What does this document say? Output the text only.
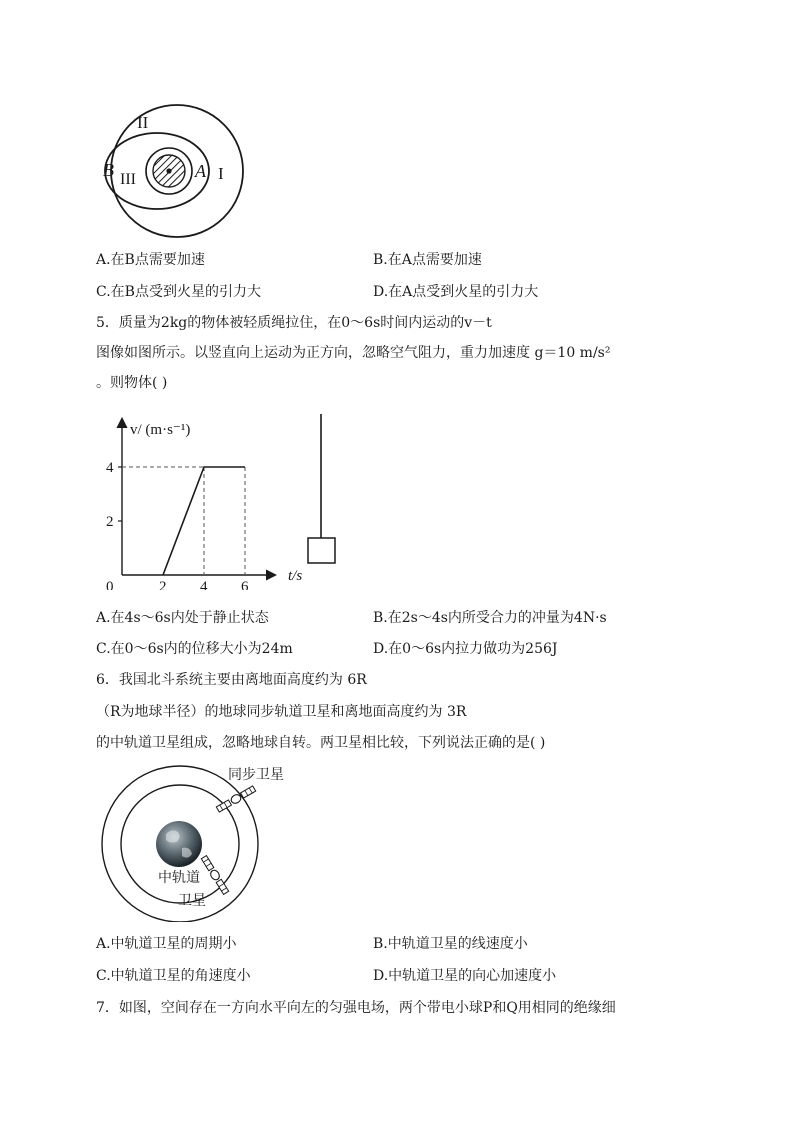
II
III	I
B	A
A.在B点需要加速	B.在A点需要加速
C.在B点受到火星的引力大	D.在A点受到火星的引力大
5．质量为2kg的物体被轻质绳拉住，在0～6s时间内运动的v－t
图像如图所示。以竖直向上运动为正方向，忽略空气阻力，重力加速度 g＝10 m/s²
。则物体( )
0	2 4 6
2
4
v/ (m·s⁻¹)
t/s
A.在4s～6s内处于静止状态	B.在2s～4s内所受合力的冲量为4N·s
C.在0～6s内的位移大小为24m	D.在0～6s内拉力做功为256J
6．我国北斗系统主要由离地面高度约为 6R
（R为地球半径）的地球同步轨道卫星和离地面高度约为 3R
的中轨道卫星组成，忽略地球自转。两卫星相比较，下列说法正确的是( )
同步卫星
中轨道
卫星
A.中轨道卫星的周期小	B.中轨道卫星的线速度小
C.中轨道卫星的角速度小	D.中轨道卫星的向心加速度小
7．如图，空间存在一方向水平向左的匀强电场，两个带电小球P和Q用相同的绝缘细
